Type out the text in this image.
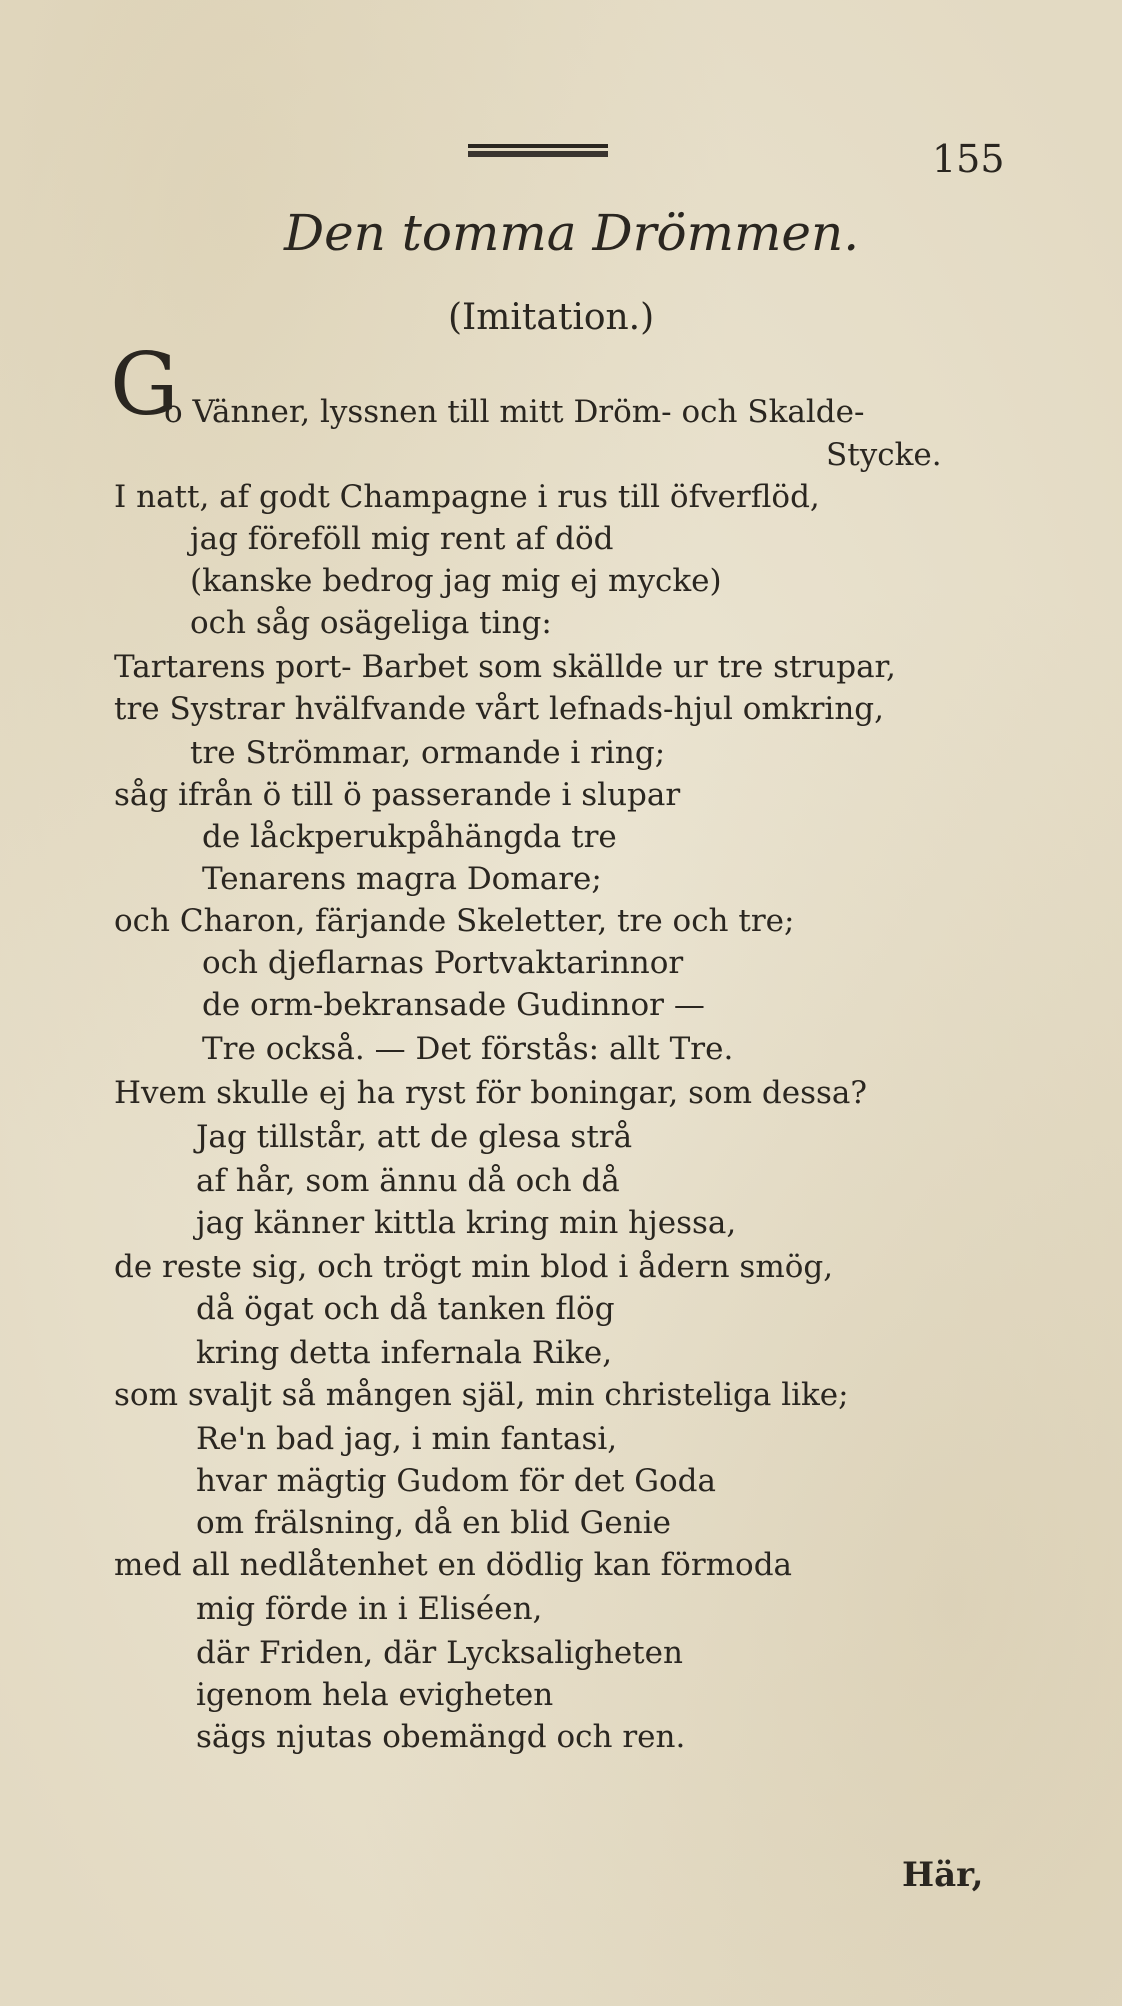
155
Den tomma Drömmen.
(Imitation.)
G
o Vänner, lyssnen till mitt Dröm- och Skalde-
Stycke.
I natt, af godt Champagne i rus till öfverflöd,
jag föreföll mig rent af död
(kanske bedrog jag mig ej mycke)
och såg osägeliga ting:
Tartarens port- Barbet som skällde ur tre strupar,
tre Systrar hvälfvande vårt lefnads-hjul omkring,
tre Strömmar, ormande i ring;
såg ifrån ö till ö passerande i slupar
de låckperukpåhängda tre
Tenarens magra Domare;
och Charon, färjande Skeletter, tre och tre;
och djeflarnas Portvaktarinnor
de orm-bekransade Gudinnor —
Tre också. — Det förstås: allt Tre.
Hvem skulle ej ha ryst för boningar, som dessa?
Jag tillstår, att de glesa strå
af hår, som ännu då och då
jag känner kittla kring min hjessa,
de reste sig, och trögt min blod i ådern smög,
då ögat och då tanken flög
kring detta infernala Rike,
som svaljt så mången själ, min christeliga like;
Re'n bad jag, i min fantasi,
hvar mägtig Gudom för det Goda
om frälsning, då en blid Genie
med all nedlåtenhet en dödlig kan förmoda
mig förde in i Eliséen,
där Friden, där Lycksaligheten
igenom hela evigheten
sägs njutas obemängd och ren.
Här,
